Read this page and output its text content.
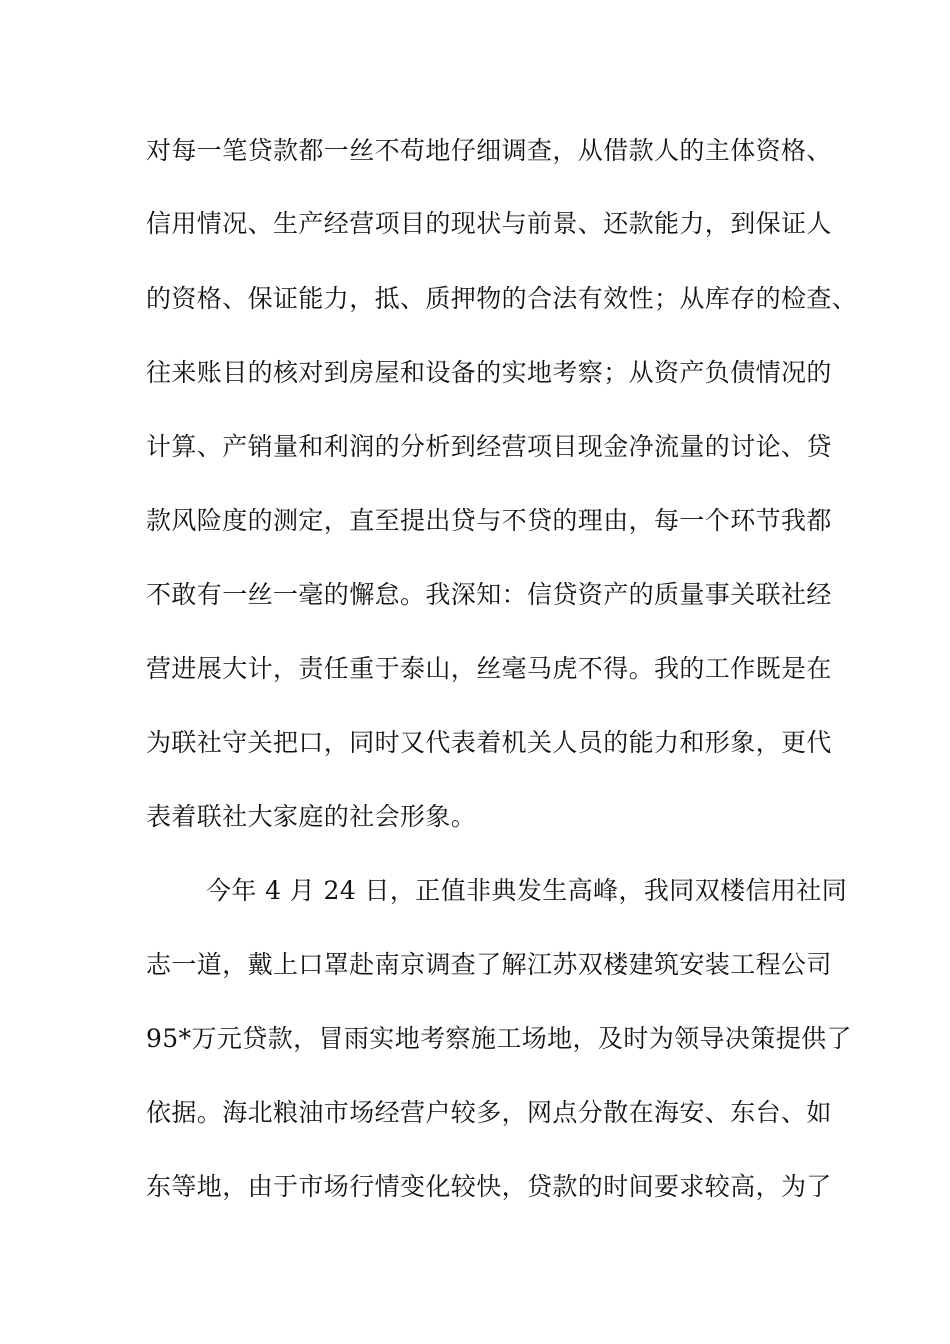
对每一笔贷款都一丝不苟地仔细调查，从借款人的主体资格、
信用情况、生产经营项目的现状与前景、还款能力，到保证人
的资格、保证能力，抵、质押物的合法有效性；从库存的检查、
往来账目的核对到房屋和设备的实地考察；从资产负债情况的
计算、产销量和利润的分析到经营项目现金净流量的讨论、贷
款风险度的测定，直至提出贷与不贷的理由，每一个环节我都
不敢有一丝一毫的懈怠。我深知：信贷资产的质量事关联社经
营进展大计，责任重于泰山，丝毫马虎不得。我的工作既是在
为联社守关把口，同时又代表着机关人员的能力和形象，更代
表着联社大家庭的社会形象。
今年 4 月 24 日，正值非典发生高峰，我同双楼信用社同
志一道，戴上口罩赴南京调查了解江苏双楼建筑安装工程公司
95*万元贷款，冒雨实地考察施工场地，及时为领导决策提供了
依据。海北粮油市场经营户较多，网点分散在海安、东台、如
东等地，由于市场行情变化较快，贷款的时间要求较高，为了
